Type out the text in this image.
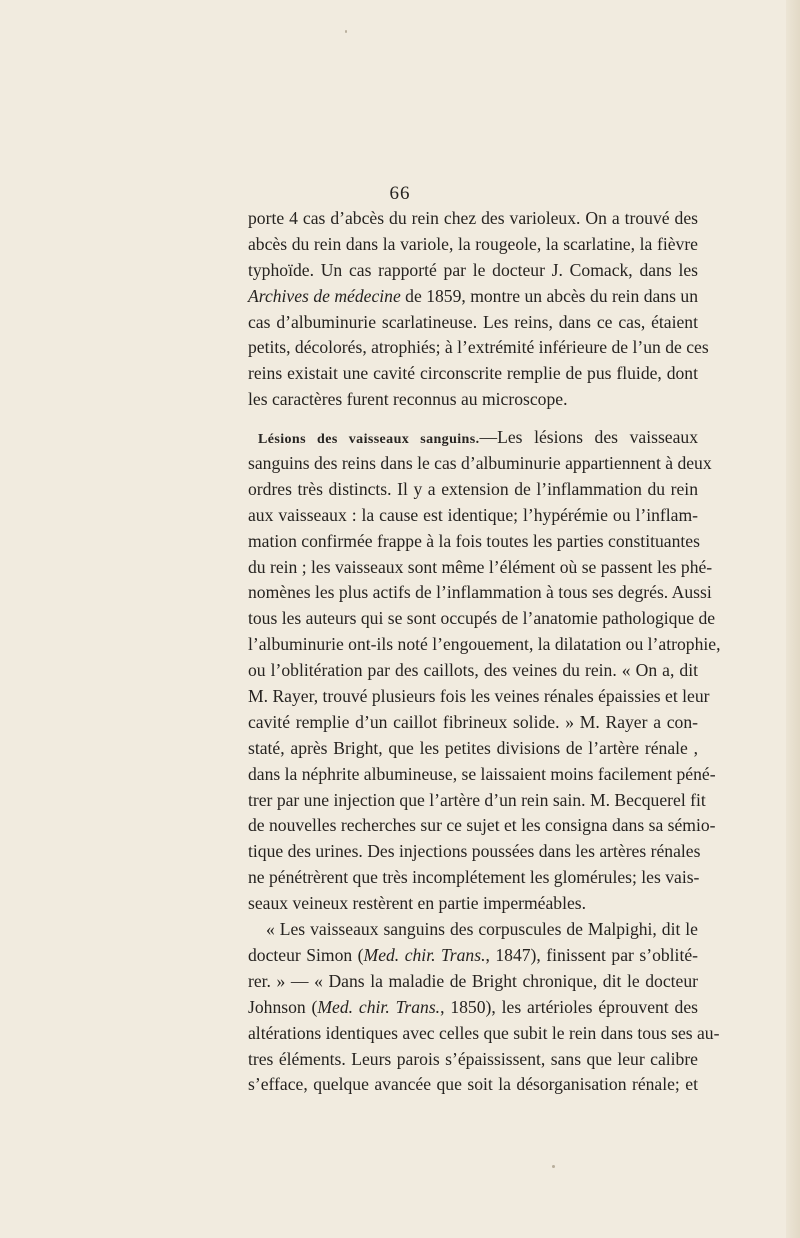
66
porte 4 cas d’abcès du rein chez des varioleux. On a trouvé des
abcès du rein dans la variole, la rougeole, la scarlatine, la fièvre
typhoïde. Un cas rapporté par le docteur J. Comack, dans les
Archives de médecine de 1859, montre un abcès du rein dans un
cas d’albuminurie scarlatineuse. Les reins, dans ce cas, étaient
petits, décolorés, atrophiés; à l’extrémité inférieure de l’un de ces
reins existait une cavité circonscrite remplie de pus fluide, dont
les caractères furent reconnus au microscope.
Lésions des vaisseaux sanguins.—Les lésions des vaisseaux
sanguins des reins dans le cas d’albuminurie appartiennent à deux
ordres très distincts. Il y a extension de l’inflammation du rein
aux vaisseaux : la cause est identique; l’hypérémie ou l’inflam-
mation confirmée frappe à la fois toutes les parties constituantes
du rein ; les vaisseaux sont même l’élément où se passent les phé-
nomènes les plus actifs de l’inflammation à tous ses degrés. Aussi
tous les auteurs qui se sont occupés de l’anatomie pathologique de
l’albuminurie ont-ils noté l’engouement, la dilatation ou l’atrophie,
ou l’oblitération par des caillots, des veines du rein. « On a, dit
M. Rayer, trouvé plusieurs fois les veines rénales épaissies et leur
cavité remplie d’un caillot fibrineux solide. » M. Rayer a con-
staté, après Bright, que les petites divisions de l’artère rénale ,
dans la néphrite albumineuse, se laissaient moins facilement péné-
trer par une injection que l’artère d’un rein sain. M. Becquerel fit
de nouvelles recherches sur ce sujet et les consigna dans sa sémio-
tique des urines. Des injections poussées dans les artères rénales
ne pénétrèrent que très incomplétement les glomérules; les vais-
seaux veineux restèrent en partie imperméables.
« Les vaisseaux sanguins des corpuscules de Malpighi, dit le
docteur Simon (Med. chir. Trans., 1847), finissent par s’oblité-
rer. » — « Dans la maladie de Bright chronique, dit le docteur
Johnson (Med. chir. Trans., 1850), les artérioles éprouvent des
altérations identiques avec celles que subit le rein dans tous ses au-
tres éléments. Leurs parois s’épaississent, sans que leur calibre
s’efface, quelque avancée que soit la désorganisation rénale; et
